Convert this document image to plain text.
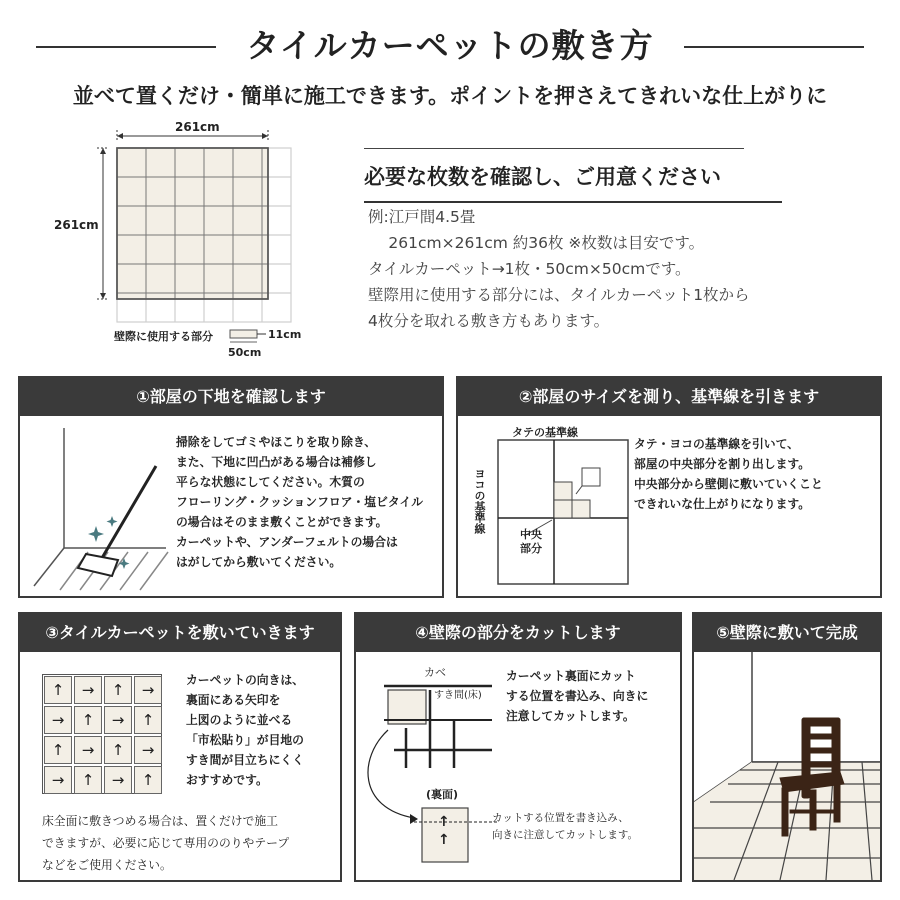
タイルカーペットの敷き方
並べて置くだけ・簡単に施工できます。ポイントを押さえてきれいな仕上がりに
261cm
261cm
壁際に使用する部分	11cm
50cm
必要な枚数を確認し、ご用意ください
例:江戸間4.5畳
　 261cm×261cm 約36枚 ※枚数は目安です。
タイルカーペット→1枚・50cm×50cmです。
壁際用に使用する部分には、タイルカーペット1枚から
4枚分を取れる敷き方もあります。
①部屋の下地を確認します
掃除をしてゴミやほこりを取り除き、
また、下地に凹凸がある場合は補修し
平らな状態にしてください。木質の
フローリング・クッションフロア・塩ビタイル
の場合はそのまま敷くことができます。
カーペットや、アンダーフェルトの場合は
はがしてから敷いてください。
②部屋のサイズを測り、基準線を引きます
タテの基準線
ヨコの基準線
中央
部分
タテ・ヨコの基準線を引いて、
部屋の中央部分を割り出します。
中央部分から壁側に敷いていくこと
できれいな仕上がりになります。
③タイルカーペットを敷いていきます
↑	→	↑	→
→	↑	→	↑
↑	→	↑	→
→	↑	→	↑
カーペットの向きは、
裏面にある矢印を
上図のように並べる
「市松貼り」が目地の
すき間が目立ちにくく
おすすめです。
床全面に敷きつめる場合は、置くだけで施工
できますが、必要に応じて専用ののりやテープ
などをご使用ください。
④壁際の部分をカットします
カベ
すき間(床)
(裏面)
↑
↑
カーペット裏面にカット
する位置を書込み、向きに
注意してカットします。
カットする位置を書き込み、
向きに注意してカットします。
⑤壁際に敷いて完成
